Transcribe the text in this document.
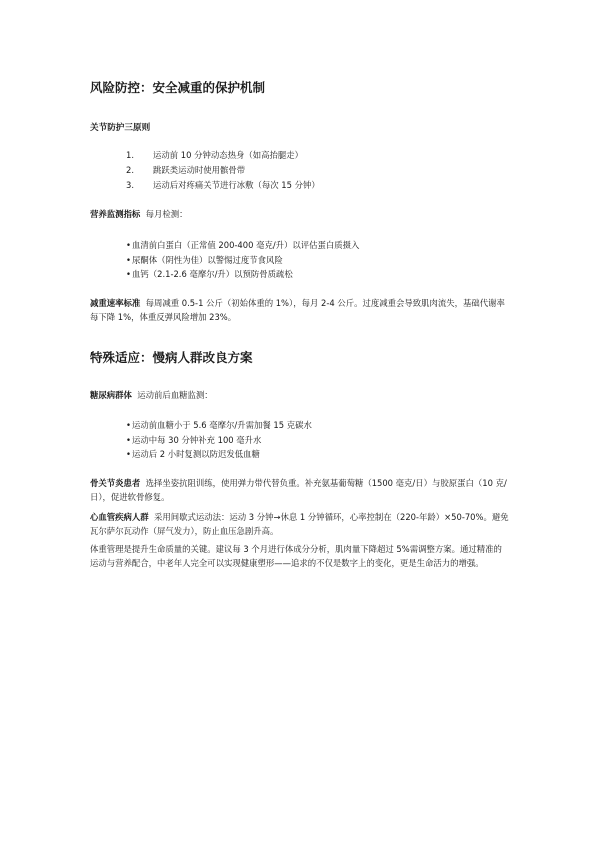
风险防控：安全减重的保护机制
关节防护三原则
1. 运动前 10 分钟动态热身（如高抬腿走）
2. 跳跃类运动时使用髌骨带
3. 运动后对疼痛关节进行冰敷（每次 15 分钟）
营养监测指标 每月检测：
•血清前白蛋白（正常值 200-400 毫克/升）以评估蛋白质摄入
•尿酮体（阴性为佳）以警惕过度节食风险
•血钙（2.1-2.6 毫摩尔/升）以预防骨质疏松
减重速率标准 每周减重 0.5-1 公斤（初始体重的 1%），每月 2-4 公斤。过度减重会导致肌肉流失，基础代谢率每下降 1%，体重反弹风险增加 23%。
特殊适应：慢病人群改良方案
糖尿病群体 运动前后血糖监测：
•运动前血糖小于 5.6 毫摩尔/升需加餐 15 克碳水
•运动中每 30 分钟补充 100 毫升水
•运动后 2 小时复测以防迟发低血糖
骨关节炎患者 选择坐姿抗阻训练，使用弹力带代替负重。补充氨基葡萄糖（1500 毫克/日）与胶原蛋白（10 克/日），促进软骨修复。
心血管疾病人群 采用间歇式运动法：运动 3 分钟→休息 1 分钟循环，心率控制在（220-年龄）×50-70%。避免瓦尔萨尔瓦动作（屏气发力），防止血压急剧升高。
体重管理是提升生命质量的关键。建议每 3 个月进行体成分分析，肌肉量下降超过 5%需调整方案。通过精准的运动与营养配合，中老年人完全可以实现健康塑形——追求的不仅是数字上的变化，更是生命活力的增强。
